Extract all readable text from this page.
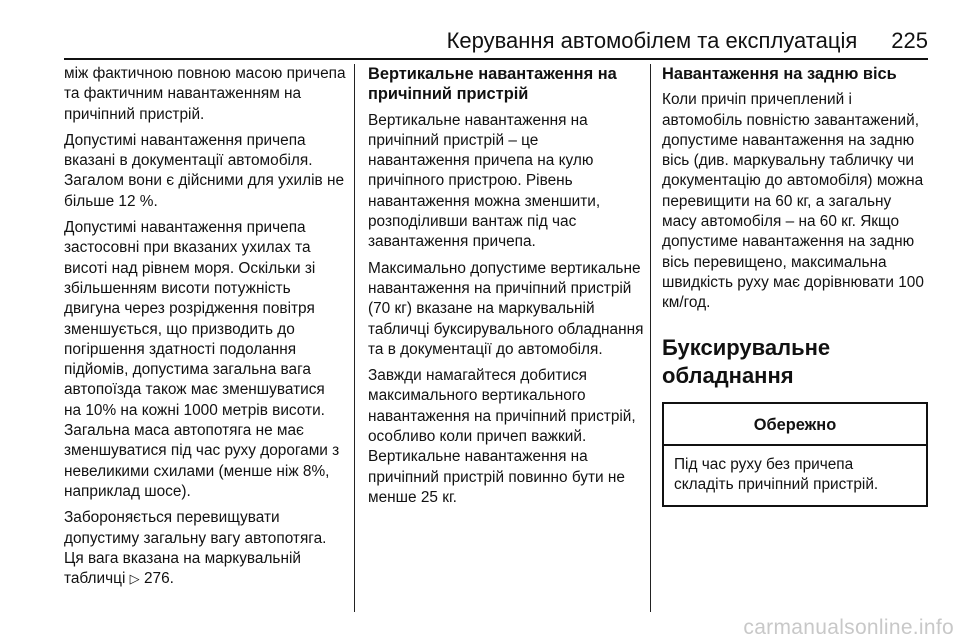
Керування автомобілем та експлуатація 225

між фактичною повною масою причепа та фактичним навантаженням на причіпний пристрій.

Допустимі навантаження причепа вказані в документації автомобіля. Загалом вони є дійсними для ухилів не більше 12 %.

Допустимі навантаження причепа застосовні при вказаних ухилах та висоті над рівнем моря. Оскільки зі збільшенням висоти потужність двигуна через розрідження повітря зменшується, що призводить до погіршення здатності подолання підйомів, допустима загальна вага автопоїзда також має зменшуватися на 10% на кожні 1000 метрів висоти. Загальна маса автопотяга не має зменшуватися під час руху дорогами з невеликими схилами (менше ніж 8%, наприклад шосе).

Забороняється перевищувати допустиму загальну вагу автопотяга. Ця вага вказана на маркувальній табличці ▷ 276.

Вертикальне навантаження на причіпний пристрій

Вертикальне навантаження на причіпний пристрій – це навантаження причепа на кулю причіпного пристрою. Рівень навантаження можна зменшити, розподіливши вантаж під час завантаження причепа.

Максимально допустиме вертикальне навантаження на причіпний пристрій (70 кг) вказане на маркувальній табличці буксирувального обладнання та в документації до автомобіля.

Завжди намагайтеся добитися максимального вертикального навантаження на причіпний пристрій, особливо коли причеп важкий. Вертикальне навантаження на причіпний пристрій повинно бути не менше 25 кг.

Навантаження на задню вісь

Коли причіп причеплений і автомобіль повністю завантажений, допустиме навантаження на задню вісь (див. маркувальну табличку чи документацію до автомобіля) можна перевищити на 60 кг, а загальну масу автомобіля – на 60 кг. Якщо допустиме навантаження на задню вісь перевищено, максимальна швидкість руху має дорівнювати 100 км/год.

Буксирувальне обладнання
Обережно
Під час руху без причепа складіть причіпний пристрій.
carmanualsonline.info
